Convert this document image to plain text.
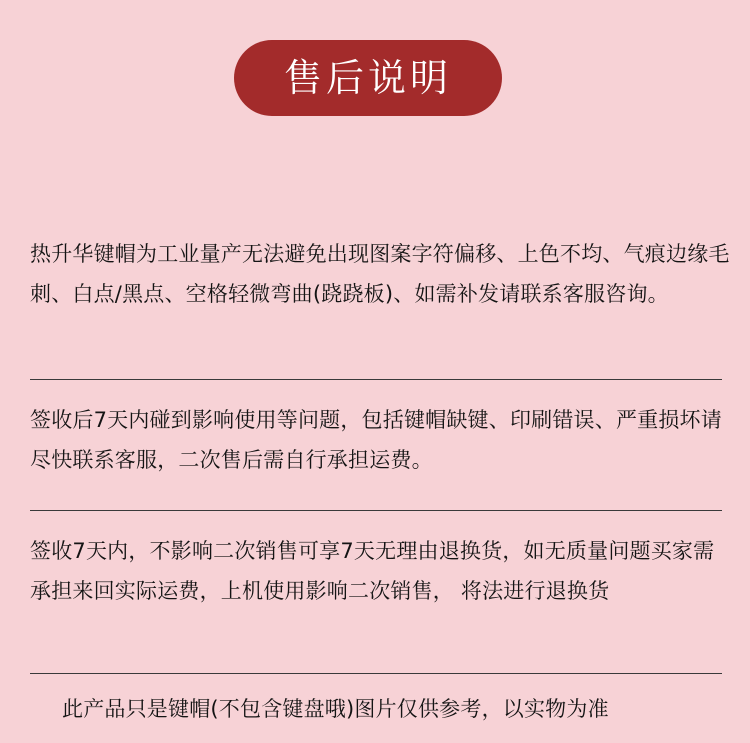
售后说明
热升华键帽为工业量产无法避免出现图案字符偏移、上色不均、气痕边缘毛刺、白点/黑点、空格轻微弯曲(跷跷板)、如需补发请联系客服咨询。
签收后7天内碰到影响使用等问题，包括键帽缺键、印刷错误、严重损坏请尽快联系客服，二次售后需自行承担运费。
签收7天内，不影响二次销售可享7天无理由退换货，如无质量问题买家需承担来回实际运费，上机使用影响二次销售， 将法进行退换货
此产品只是键帽(不包含键盘哦)图片仅供参考，以实物为准
